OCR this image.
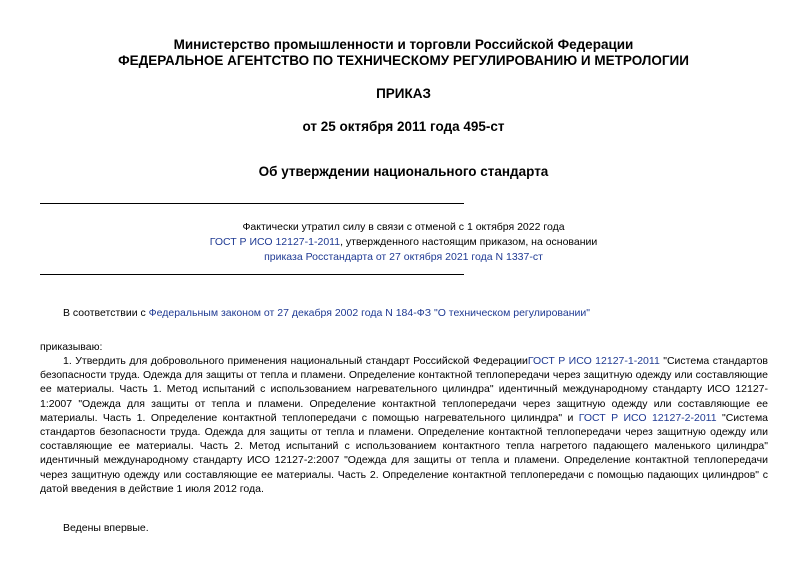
Министерство промышленности и торговли Российской Федерации
ФЕДЕРАЛЬНОЕ АГЕНТСТВО ПО ТЕХНИЧЕСКОМУ РЕГУЛИРОВАНИЮ И МЕТРОЛОГИИ
ПРИКАЗ
от 25 октября 2011 года 495-ст
Об утверждении национального стандарта
Фактически утратил силу в связи с отменой с 1 октября 2022 года
ГОСТ Р ИСО 12127-1-2011, утвержденного настоящим приказом, на основании
приказа Росстандарта от 27 октября 2021 года N 1337-ст
В соответствии с Федеральным законом от 27 декабря 2002 года N 184-ФЗ "О техническом регулировании"
приказываю:
1. Утвердить для добровольного применения национальный стандарт Российской ФедерацииГОСТ Р ИСО 12127-1-2011 "Система стандартов безопасности труда. Одежда для защиты от тепла и пламени. Определение контактной теплопередачи через защитную одежду или составляющие ее материалы. Часть 1. Метод испытаний с использованием нагревательного цилиндра" идентичный международному стандарту ИСО 12127-1:2007 "Одежда для защиты от тепла и пламени. Определение контактной теплопередачи через защитную одежду или составляющие ее материалы. Часть 1. Определение контактной теплопередачи с помощью нагревательного цилиндра" и ГОСТ Р ИСО 12127-2-2011 "Система стандартов безопасности труда. Одежда для защиты от тепла и пламени. Определение контактной теплопередачи через защитную одежду или составляющие ее материалы. Часть 2. Метод испытаний с использованием контактного тепла нагретого падающего маленького цилиндра" идентичный международному стандарту ИСО 12127-2:2007 "Одежда для защиты от тепла и пламени. Определение контактной теплопередачи через защитную одежду или составляющие ее материалы. Часть 2. Определение контактной теплопередачи с помощью падающих цилиндров" с датой введения в действие 1 июля 2012 года.
Ведены впервые.
